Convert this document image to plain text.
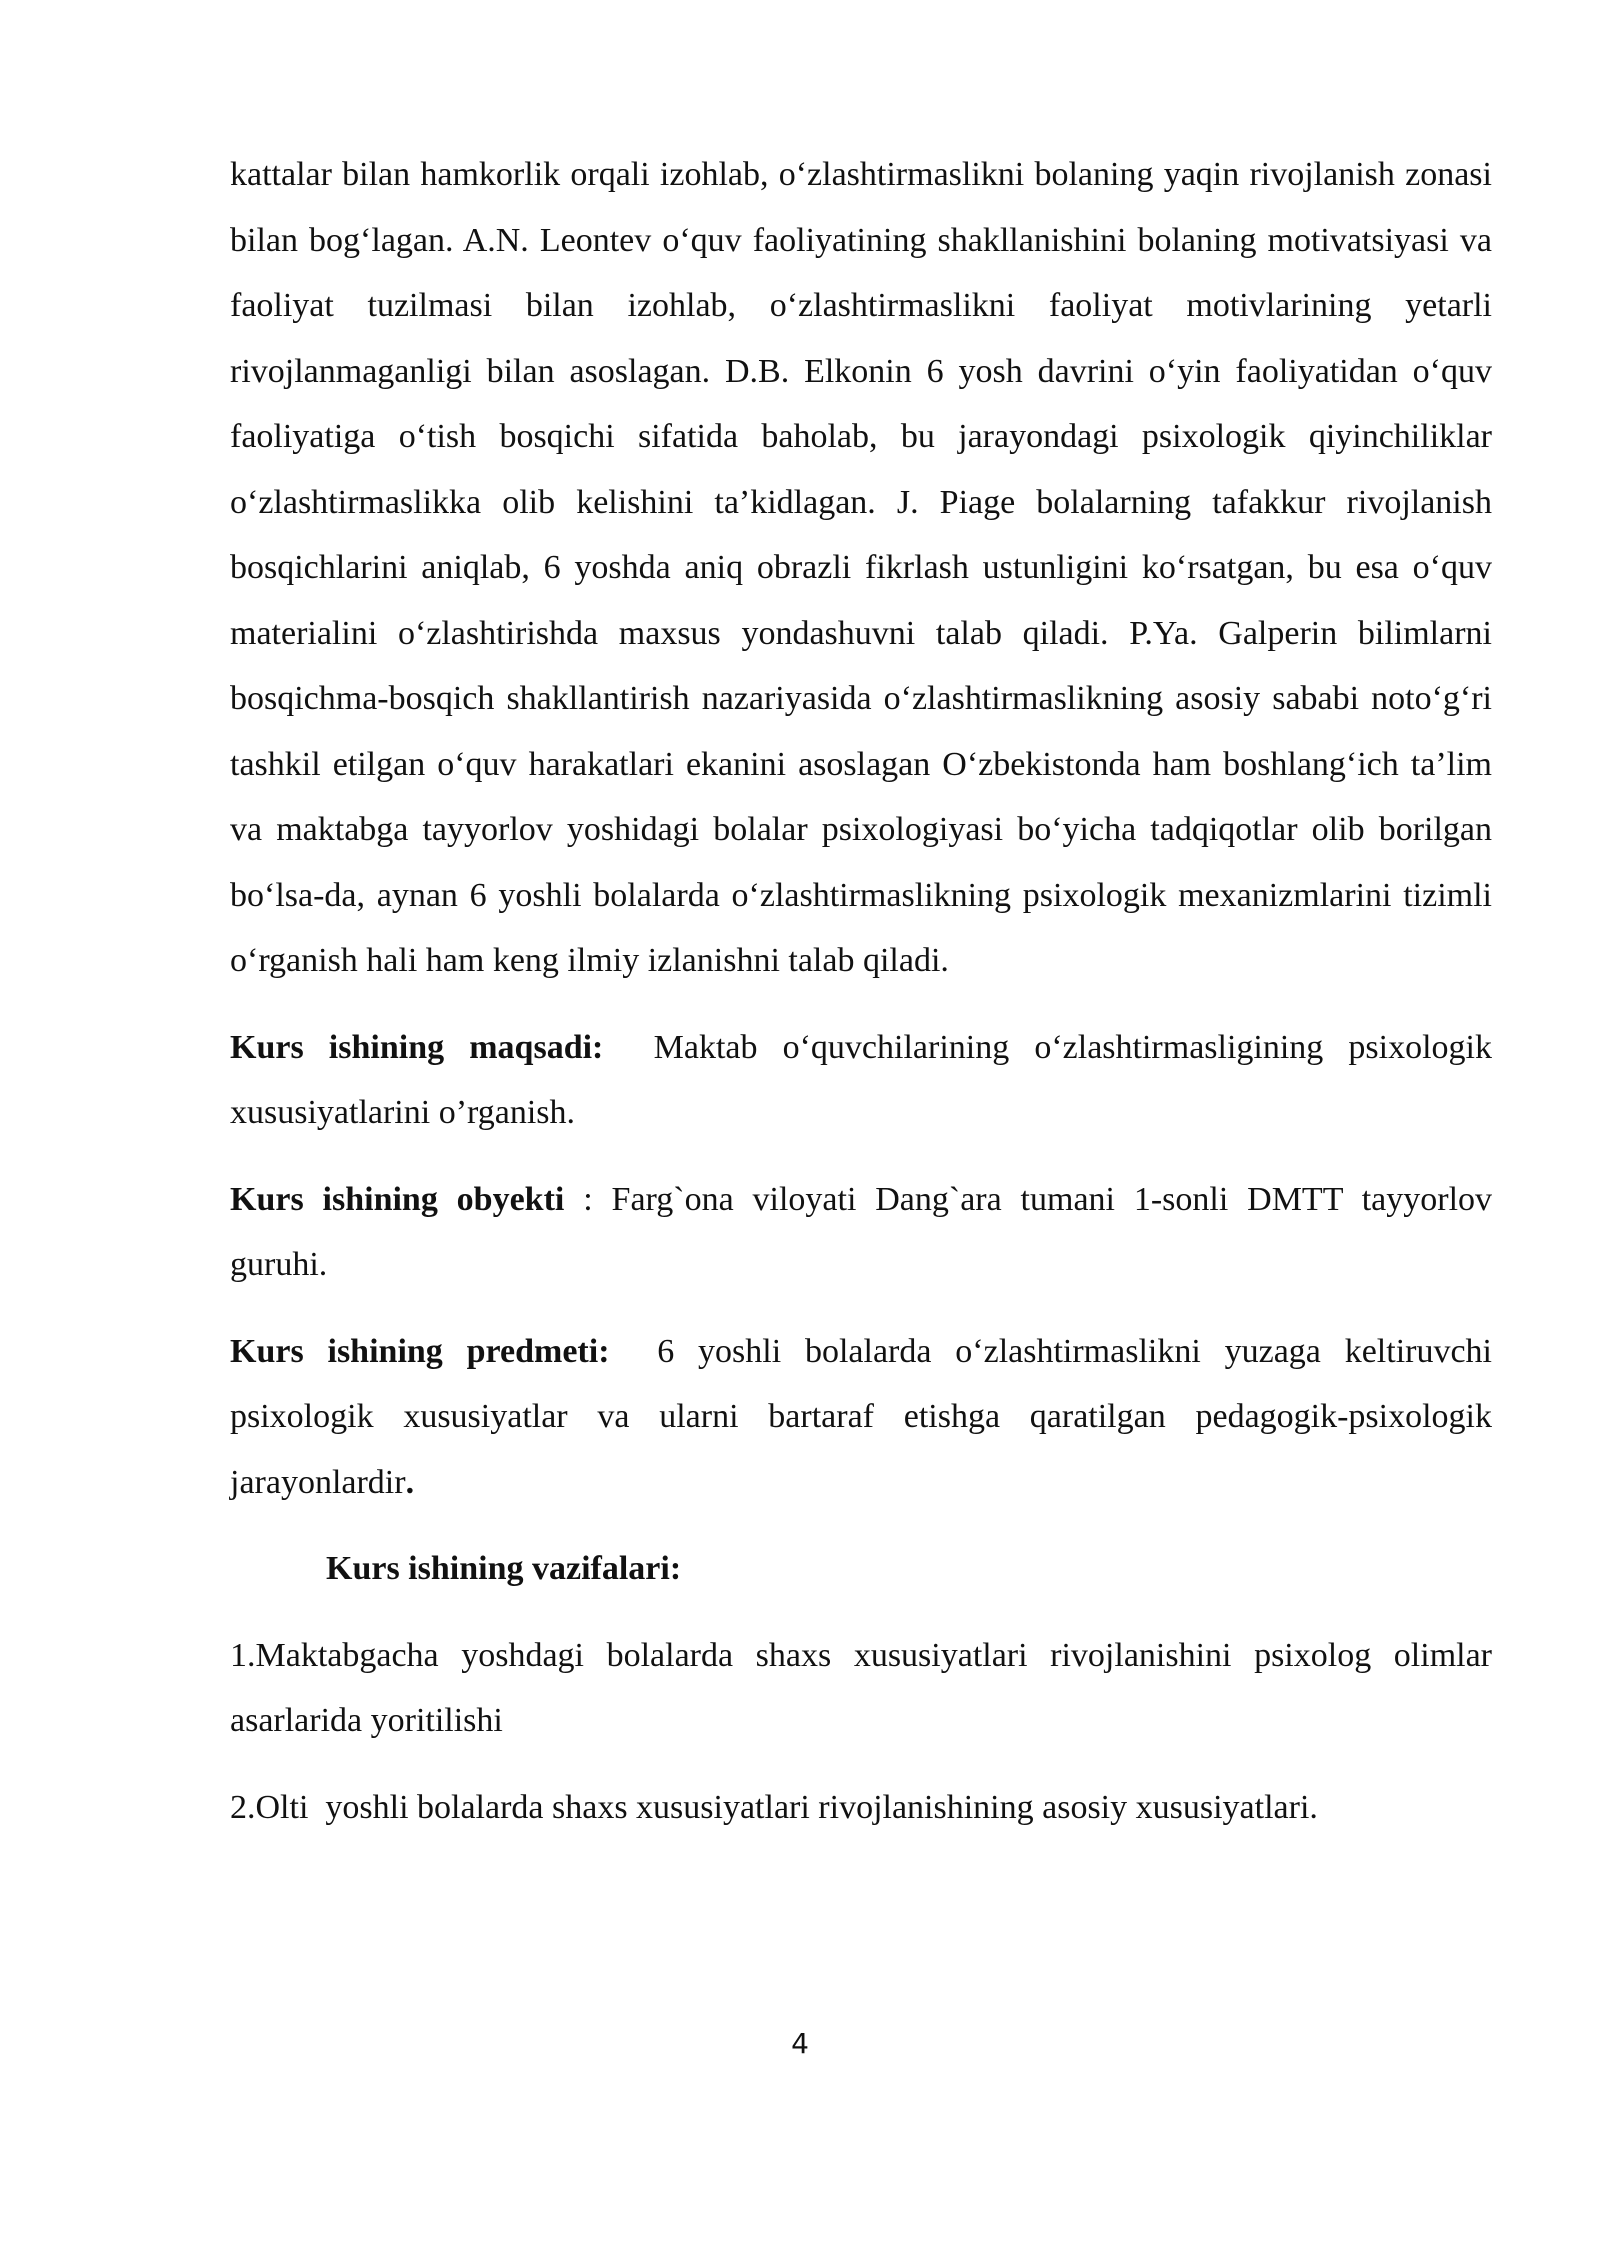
kattalar bilan hamkorlik orqali izohlab, o‘zlashtirmaslikni bolaning yaqin rivojlanish zonasi bilan bog‘lagan. A.N. Leontev o‘quv faoliyatining shakllanishini bolaning motivatsiyasi va faoliyat tuzilmasi bilan izohlab, o‘zlashtirmaslikni faoliyat motivlarining yetarli rivojlanmaganligi bilan asoslagan. D.B. Elkonin 6 yosh davrini o‘yin faoliyatidan o‘quv faoliyatiga o‘tish bosqichi sifatida baholab, bu jarayondagi psixologik qiyinchiliklar o‘zlashtirmaslikka olib kelishini ta’kidlagan. J. Piage bolalarning tafakkur rivojlanish bosqichlarini aniqlab, 6 yoshda aniq obrazli fikrlash ustunligini ko‘rsatgan, bu esa o‘quv materialini o‘zlashtirishda maxsus yondashuvni talab qiladi. P.Ya. Galperin bilimlarni bosqichma-bosqich shakllantirish nazariyasida o‘zlashtirmaslikning asosiy sababi noto‘g‘ri tashkil etilgan o‘quv harakatlari ekanini asoslagan O‘zbekistonda ham boshlang‘ich ta’lim va maktabga tayyorlov yoshidagi bolalar psixologiyasi bo‘yicha tadqiqotlar olib borilgan bo‘lsa-da, aynan 6 yoshli bolalarda o‘zlashtirmaslikning psixologik mexanizmlarini tizimli o‘rganish hali ham keng ilmiy izlanishni talab qiladi.

Kurs ishining maqsadi: Maktab o‘quvchilarining o‘zlashtirmasligining psixologik xususiyatlarini o’rganish.

Kurs ishining obyekti : Farg`ona viloyati Dang`ara tumani 1-sonli DMTT tayyorlov guruhi.

Kurs ishining predmeti: 6 yoshli bolalarda o‘zlashtirmaslikni yuzaga keltiruvchi psixologik xususiyatlar va ularni bartaraf etishga qaratilgan pedagogik-psixologik jarayonlardir.

Kurs ishining vazifalari:

1.Maktabgacha yoshdagi bolalarda shaxs xususiyatlari rivojlanishini psixolog olimlar asarlarida yoritilishi

2.Olti  yoshli bolalarda shaxs xususiyatlari rivojlanishining asosiy xususiyatlari.

4
